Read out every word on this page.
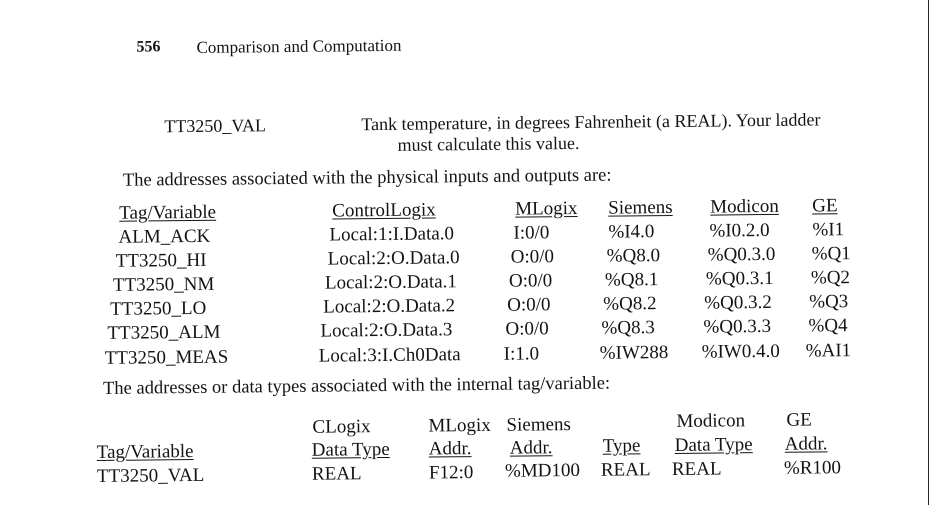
556 Comparison and Computation
TT3250_VAL	Tank temperature, in degrees Fahrenheit (a REAL). Your ladder
must calculate this value.
The addresses associated with the physical inputs and outputs are:
Tag/Variable	ControlLogix	MLogix Siemens Modicon GE
ALM_ACK	Local:1:I.Data.0	I:0/0	%I4.0	%I0.2.0 %I1
TT3250_HI	Local:2:O.Data.0	O:0/0	%Q8.0 %Q0.3.0 %Q1
TT3250_NM	Local:2:O.Data.1	O:0/0	%Q8.1 %Q0.3.1 %Q2
TT3250_LO	Local:2:O.Data.2	O:0/0	%Q8.2 %Q0.3.2 %Q3
TT3250_ALM	Local:2:O.Data.3	O:0/0	%Q8.3	%Q0.3.3 %Q4
TT3250_MEAS	Local:3:I.Ch0Data I:1.0	%IW288 %IW0.4.0 %AI1
The addresses or data types associated with the internal tag/variable:
CLogix	MLogix Siemens	Modicon GE
Tag/Variable	Data Type Addr. Addr.	Type Data Type Addr.
TT3250_VAL	REAL	F12:0 %MD100 REAL REAL	%R100
